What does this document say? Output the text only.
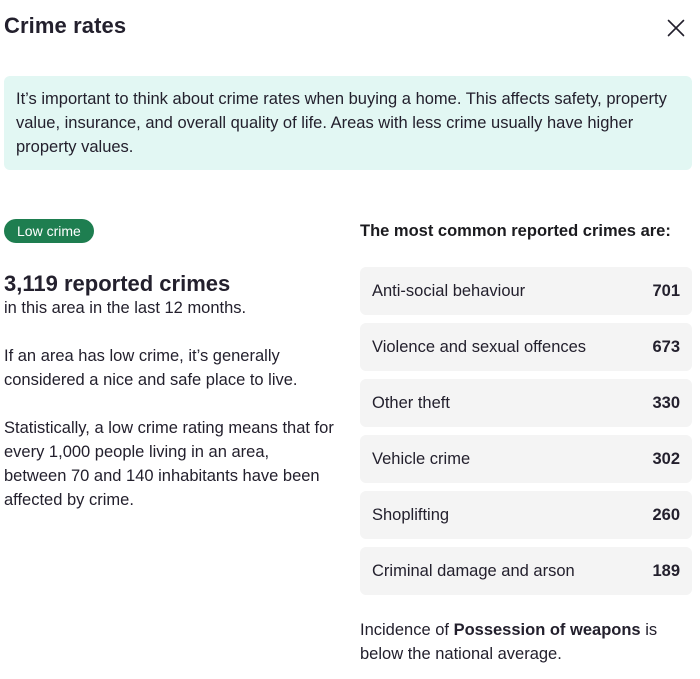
Crime rates
It’s important to think about crime rates when buying a home. This affects safety, property value, insurance, and overall quality of life. Areas with less crime usually have higher property values.
Low crime
3,119 reported crimes
in this area in the last 12 months.
If an area has low crime, it’s generally considered a nice and safe place to live.
Statistically, a low crime rating means that for every 1,000 people living in an area, between 70 and 140 inhabitants have been affected by crime.
The most common reported crimes are:
Anti-social behaviour	701
Violence and sexual offences	673
Other theft	330
Vehicle crime	302
Shoplifting	260
Criminal damage and arson	189
Incidence of Possession of weapons is below the national average.
